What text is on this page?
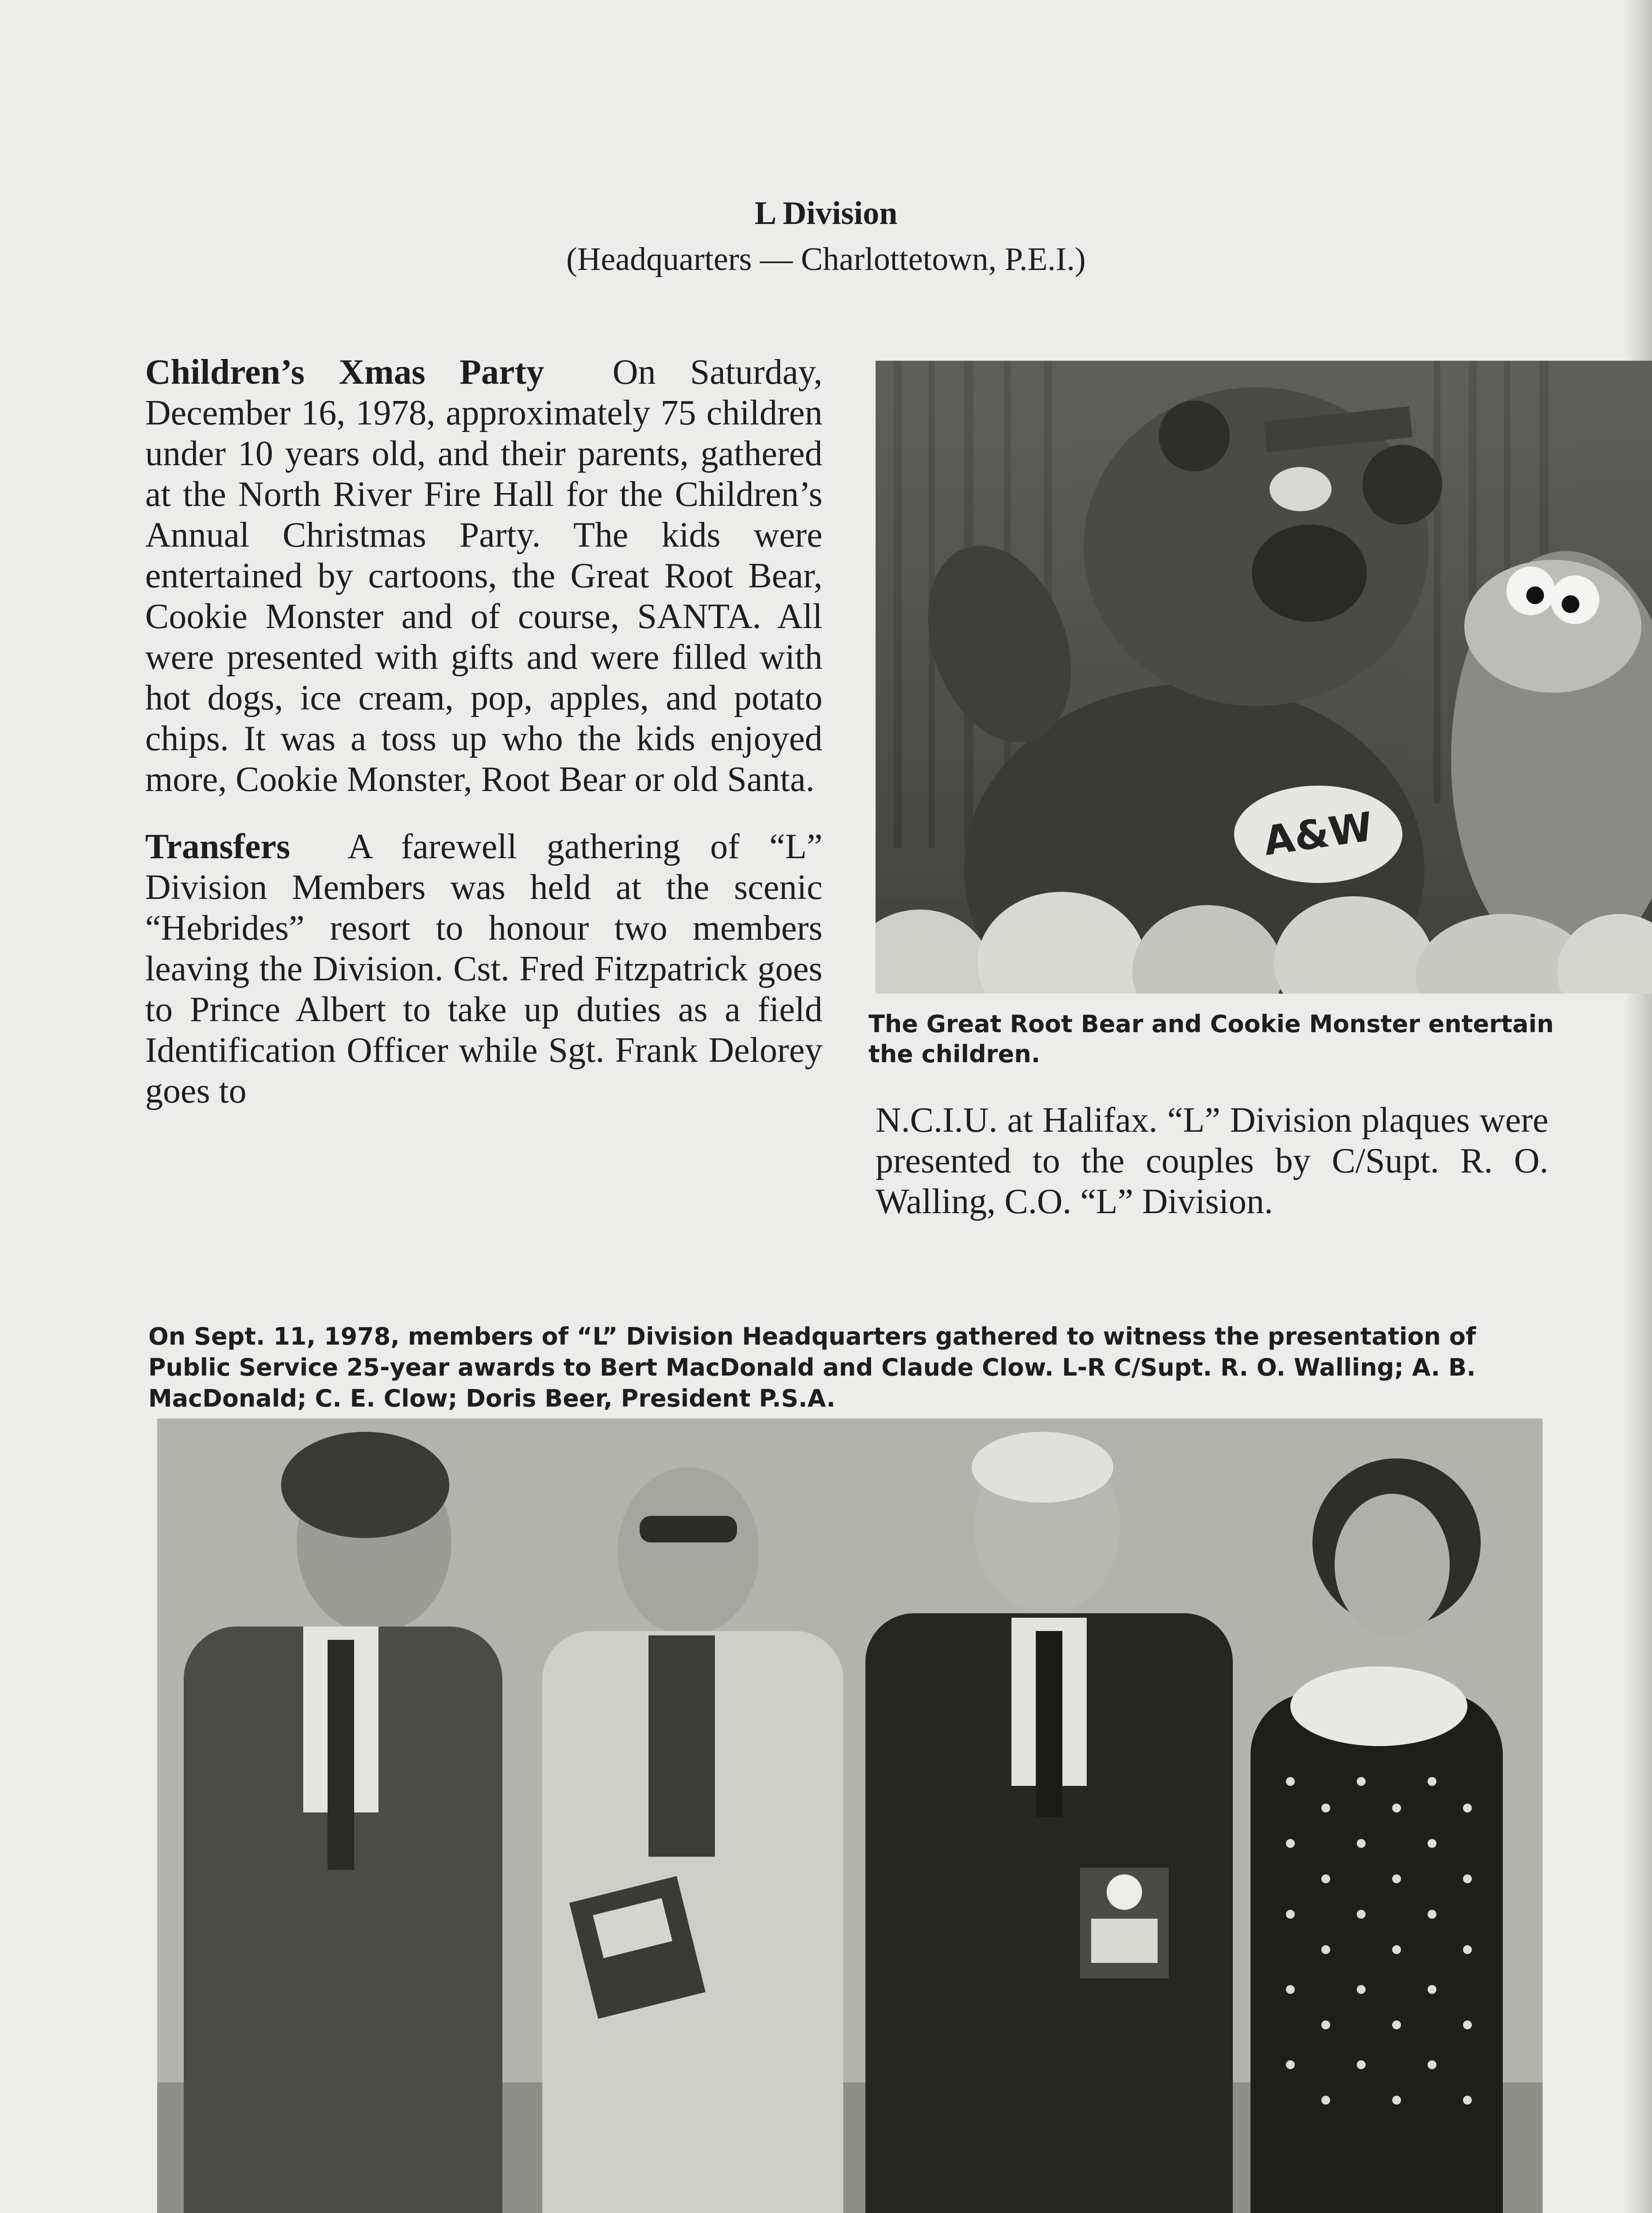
L Division
(Headquarters — Charlottetown, P.E.I.)

Children’s Xmas Party On Saturday, December 16, 1978, approximately 75 children under 10 years old, and their parents, gathered at the North River Fire Hall for the Children’s Annual Christmas Party. The kids were entertained by cartoons, the Great Root Bear, Cookie Monster and of course, SANTA. All were presented with gifts and were filled with hot dogs, ice cream, pop, apples, and potato chips. It was a toss up who the kids enjoyed more, Cookie Monster, Root Bear or old Santa.

Transfers A farewell gathering of “L” Division Members was held at the scenic “Hebrides” resort to honour two members leaving the Division. Cst. Fred Fitzpatrick goes to Prince Albert to take up duties as a field Identification Officer while Sgt. Frank Delorey goes to

A&W
The Great Root Bear and Cookie Monster entertain the children.
N.C.I.U. at Halifax. “L” Division plaques were presented to the couples by C/Supt. R. O. Walling, C.O. “L” Division.
On Sept. 11, 1978, members of “L” Division Headquarters gathered to witness the presentation of Public Service 25-year awards to Bert MacDonald and Claude Clow. L-R C/Supt. R. O. Walling; A. B. MacDonald; C. E. Clow; Doris Beer, President P.S.A.
